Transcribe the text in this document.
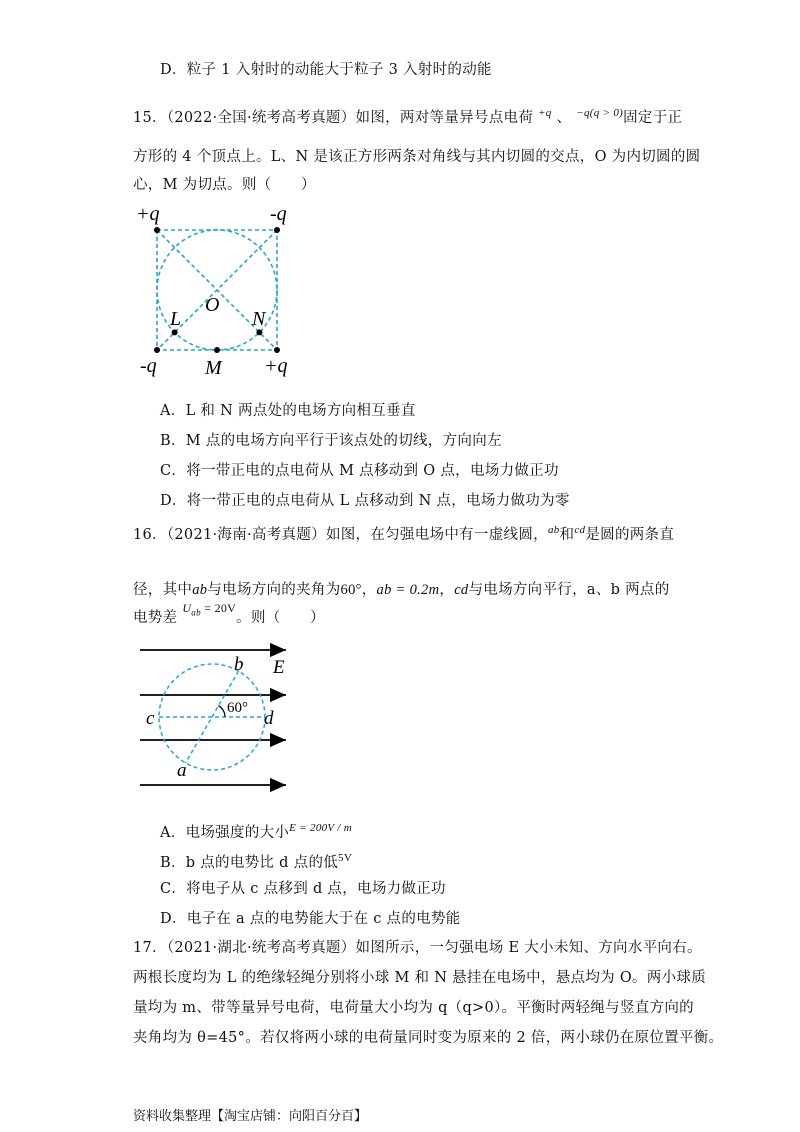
D．粒子 1 入射时的动能大于粒子 3 入射时的动能
15．（2022·全国·统考高考真题）如图，两对等量异号点电荷 $^{+q}$ 、 $^{-q(q > 0)}$固定于正
方形的 4 个顶点上。L、N 是该正方形两条对角线与其内切圆的交点，O 为内切圆的圆
心，M 为切点。则（　　）
+q	-q
-q	+q
O
L	N
M
A．L 和 N 两点处的电场方向相互垂直
B．M 点的电场方向平行于该点处的切线，方向向左
C．将一带正电的点电荷从 M 点移动到 O 点，电场力做正功
D．将一带正电的点电荷从 L 点移动到 N 点，电场力做功为零
16．（2021·海南·高考真题）如图，在匀强电场中有一虚线圆，$^{ab}$和$^{cd}$是圆的两条直
径，其中ab与电场方向的夹角为60°，ab = 0.2m，cd与电场方向平行，a、b 两点的
电势差 $^{U_{ab} = 20V}$。则（　　）
b E
c	d
a
60°
A．电场强度的大小$^{E = 200V / m}$
B．b 点的电势比 d 点的低$^{5V}$
C．将电子从 c 点移到 d 点，电场力做正功
D．电子在 a 点的电势能大于在 c 点的电势能
17．（2021·湖北·统考高考真题）如图所示，一匀强电场 E 大小未知、方向水平向右。
两根长度均为 L 的绝缘轻绳分别将小球 M 和 N 悬挂在电场中，悬点均为 O。两小球质
量均为 m、带等量异号电荷，电荷量大小均为 q（q>0）。平衡时两轻绳与竖直方向的
夹角均为 θ=45°。若仅将两小球的电荷量同时变为原来的 2 倍，两小球仍在原位置平衡。
资料收集整理【淘宝店铺：向阳百分百】
